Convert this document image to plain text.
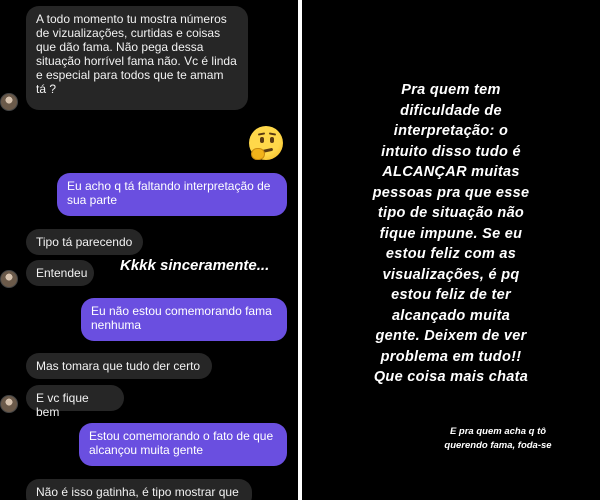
A todo momento tu mostra números
de vizualizações, curtidas e coisas
que dão fama. Não pega dessa
situação horrível fama não. Vc é linda
e especial para todos que te amam
tá ?
Eu acho q tá faltando interpretação de
sua parte
Tipo tá parecendo
Entendeu	Kkkk sinceramente...
Eu não estou comemorando fama
nenhuma
Mas tomara que tudo der certo
E vc fique bem
Estou comemorando o fato de que
alcançou muita gente
Não é isso gatinha, é tipo mostrar que
Pra quem tem
dificuldade de
interpretação: o
intuito disso tudo é
ALCANÇAR muitas
pessoas pra que esse
tipo de situação não
fique impune. Se eu
estou feliz com as
visualizações, é pq
estou feliz de ter
alcançado muita
gente. Deixem de ver
problema em tudo!!
Que coisa mais chata
E pra quem acha q tô
querendo fama, foda-se
